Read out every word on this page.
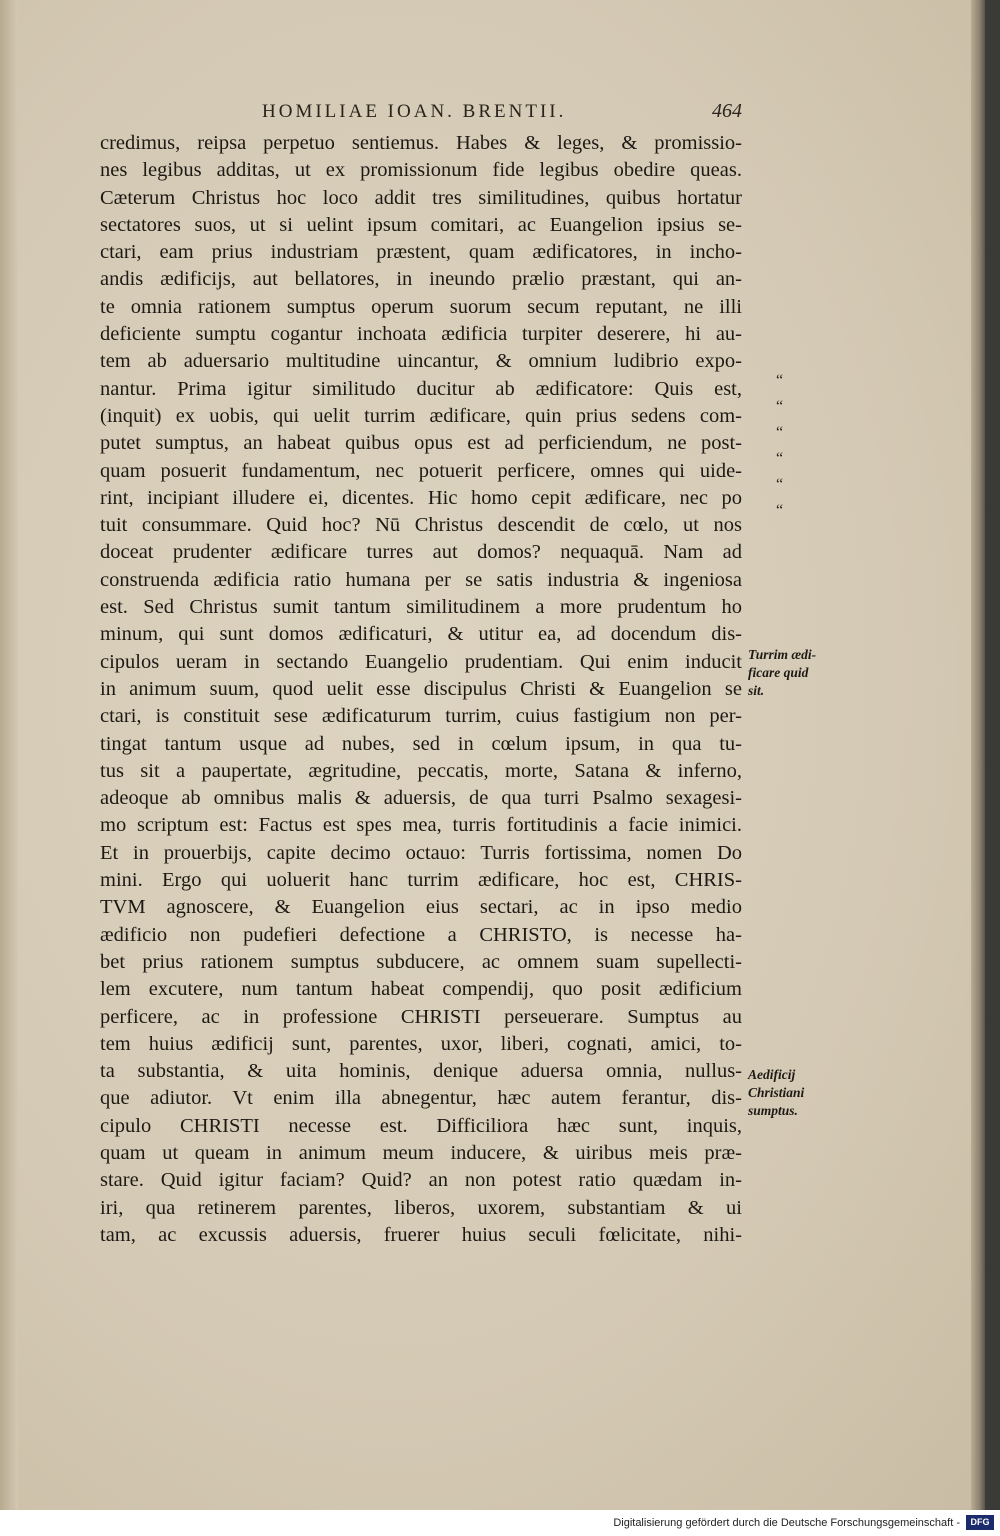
HOMILIAE IOAN. BRENTII.	464
credimus, reipsa perpetuo sentiemus. Habes & leges, & promissio-
nes legibus additas, ut ex promissionum fide legibus obedire queas.
Cæterum Christus hoc loco addit tres similitudines, quibus hortatur
sectatores suos, ut si uelint ipsum comitari, ac Euangelion ipsius se-
ctari, eam prius industriam præstent, quam ædificatores, in incho-
andis ædificijs, aut bellatores, in ineundo prælio præstant, qui an-
te omnia rationem sumptus operum suorum secum reputant, ne illi
deficiente sumptu cogantur inchoata ædificia turpiter deserere, hi au-
tem ab aduersario multitudine uincantur, & omnium ludibrio expo-
nantur. Prima igitur similitudo ducitur ab ædificatore: Quis est,
(inquit) ex uobis, qui uelit turrim ædificare, quin prius sedens com-
putet sumptus, an habeat quibus opus est ad perficiendum, ne post-
quam posuerit fundamentum, nec potuerit perficere, omnes qui uide-
rint, incipiant illudere ei, dicentes. Hic homo cepit ædificare, nec po
tuit consummare. Quid hoc? Nū Christus descendit de cœlo, ut nos
doceat prudenter ædificare turres aut domos? nequaquā. Nam ad
construenda ædificia ratio humana per se satis industria & ingeniosa
est. Sed Christus sumit tantum similitudinem a more prudentum ho
minum, qui sunt domos ædificaturi, & utitur ea, ad docendum dis-
cipulos ueram in sectando Euangelio prudentiam. Qui enim inducit
in animum suum, quod uelit esse discipulus Christi & Euangelion se
ctari, is constituit sese ædificaturum turrim, cuius fastigium non per-
tingat tantum usque ad nubes, sed in cœlum ipsum, in qua tu-
tus sit a paupertate, ægritudine, peccatis, morte, Satana & inferno,
adeoque ab omnibus malis & aduersis, de qua turri Psalmo sexagesi-
mo scriptum est: Factus est spes mea, turris fortitudinis a facie inimici.
Et in prouerbijs, capite decimo octauo: Turris fortissima, nomen Do
mini. Ergo qui uoluerit hanc turrim ædificare, hoc est, CHRIS-
TVM agnoscere, & Euangelion eius sectari, ac in ipso medio
ædificio non pudefieri defectione a CHRISTO, is necesse ha-
bet prius rationem sumptus subducere, ac omnem suam supellecti-
lem excutere, num tantum habeat compendij, quo posit ædificium
perficere, ac in professione CHRISTI perseuerare. Sumptus au
tem huius ædificij sunt, parentes, uxor, liberi, cognati, amici, to-
ta substantia, & uita hominis, denique aduersa omnia, nullus-
que adiutor. Vt enim illa abnegentur, hæc autem ferantur, dis-
cipulo CHRISTI necesse est. Difficiliora hæc sunt, inquis,
quam ut queam in animum meum inducere, & uiribus meis præ-
stare. Quid igitur faciam? Quid? an non potest ratio quædam in-
iri, qua retinerem parentes, liberos, uxorem, substantiam & ui
tam, ac excussis aduersis, fruerer huius seculi fœlicitate, nihi-
“
“
“
“
“
“
Turrim ædi-
ficare quid
sit.
Aedificij
Christiani
sumptus.
Digitalisierung gefördert durch die Deutsche Forschungsgemeinschaft -	DFG
